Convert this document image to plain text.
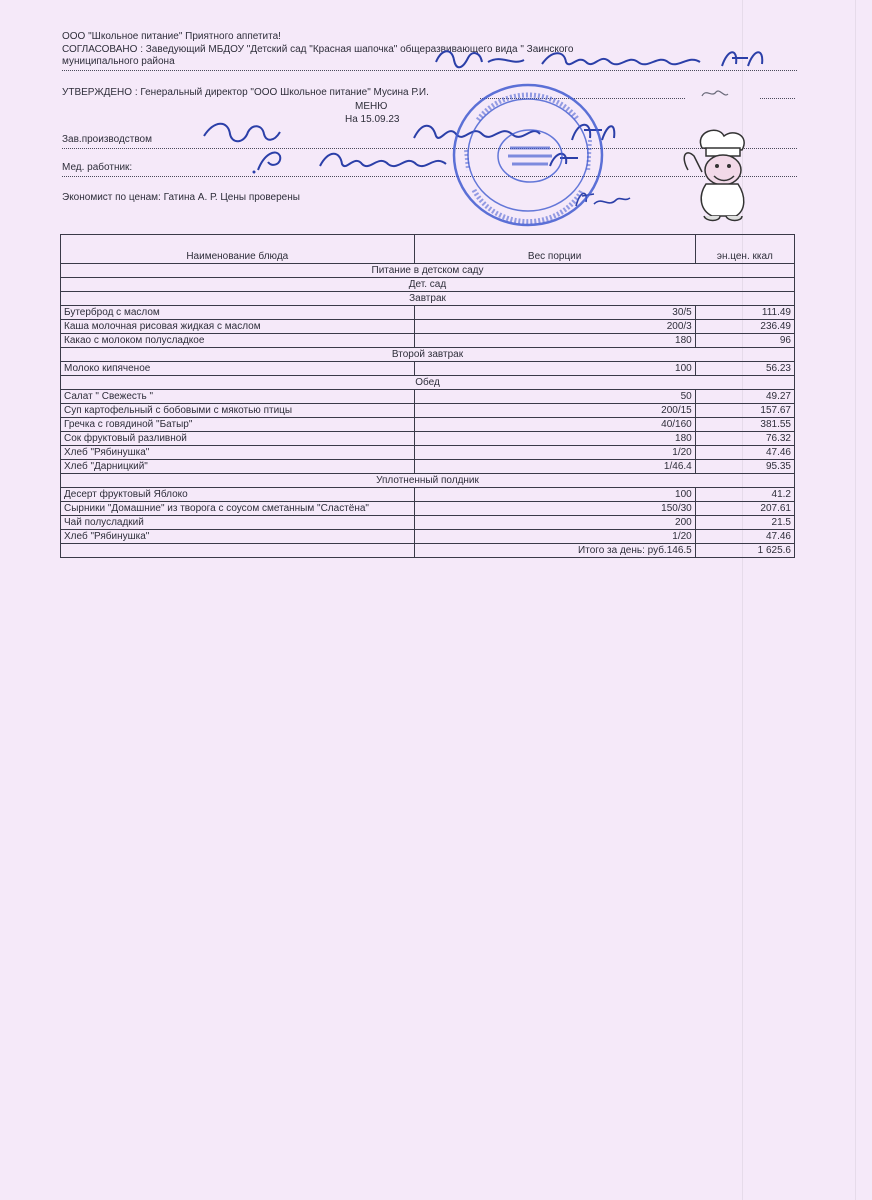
ООО "Школьное питание" Приятного аппетита!
СОГЛАСОВАНО : Заведующий МБДОУ "Детский сад "Красная шапочка" общеразвивающего вида " Заинского
муниципального района
УТВЕРЖДЕНО : Генеральный директор "ООО Школьное питание" Мусина Р.И.
МЕНЮ
На 15.09.23
Зав.производством
Мед. работник:
Экономист по ценам: Гатина А. Р. Цены проверены
Наименование блюда	Вес порции	эн.цен. ккал
Питание в детском саду		
Дет. сад		
Завтрак		
Бутерброд с маслом	30/5	111.49
Каша молочная рисовая жидкая с маслом	200/3	236.49
Какао с молоком полусладкое	180	96
Второй завтрак		
Молоко кипяченое	100	56.23
Обед		
Салат " Свежесть "	50	49.27
Суп картофельный с бобовыми с мякотью птицы	200/15	157.67
Гречка с говядиной "Батыр"	40/160	381.55
Сок фруктовый разливной	180	76.32
Хлеб "Рябинушка"	1/20	47.46
Хлеб "Дарницкий"	1/46.4	95.35
Уплотненный полдник		
Десерт фруктовый Яблоко	100	41.2
Сырники "Домашние" из творога с соусом сметанным "Сластёна"	150/30	207.61
Чай полусладкий	200	21.5
Хлеб "Рябинушка"	1/20	47.46
	Итого за день: руб.146.5	1 625.6
